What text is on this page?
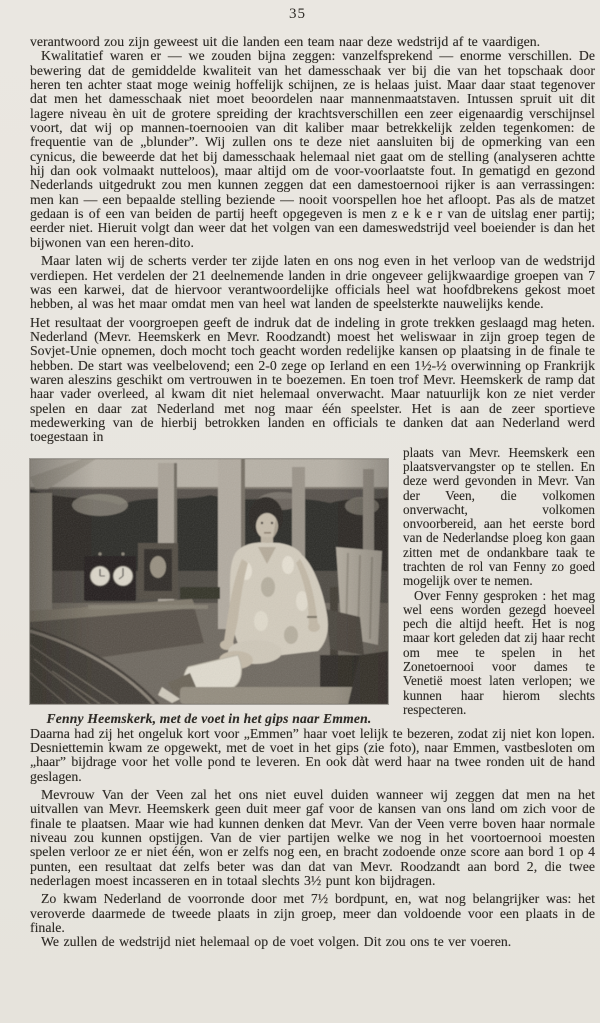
35

verantwoord zou zijn geweest uit die landen een team naar deze wedstrijd af te vaardigen.

Kwalitatief waren er — we zouden bijna zeggen: vanzelfsprekend — enorme verschillen. De bewering dat de gemiddelde kwaliteit van het damesschaak ver bij die van het topschaak door heren ten achter staat moge weinig hoffelijk schijnen, ze is helaas juist. Maar daar staat tegenover dat men het damesschaak niet moet beoordelen naar mannenmaatstaven. Intussen spruit uit dit lagere niveau èn uit de grotere spreiding der krachtsverschillen een zeer eigenaardig verschijnsel voort, dat wij op mannen-toernooien van dit kaliber maar betrekkelijk zelden tegenkomen: de frequentie van de „blunder”. Wij zullen ons te deze niet aansluiten bij de opmerking van een cynicus, die beweerde dat het bij damesschaak helemaal niet gaat om de stelling (analyseren achtte hij dan ook volmaakt nutteloos), maar altijd om de voor-voorlaatste fout. In gematigd en gezond Nederlands uitgedrukt zou men kunnen zeggen dat een damestoernooi rijker is aan verrassingen: men kan — een bepaalde stelling beziende — nooit voorspellen hoe het afloopt. Pas als de matzet gedaan is of een van beiden de partij heeft opgegeven is men z e k e r van de uitslag ener partij; eerder niet. Hieruit volgt dan weer dat het volgen van een dameswedstrijd veel boeiender is dan het bijwonen van een heren-dito.

Maar laten wij de scherts verder ter zijde laten en ons nog even in het verloop van de wedstrijd verdiepen. Het verdelen der 21 deelnemende landen in drie ongeveer gelijkwaardige groepen van 7 was een karwei, dat de hiervoor verantwoordelijke officials heel wat hoofdbrekens gekost moet hebben, al was het maar omdat men van heel wat landen de speelsterkte nauwelijks kende.

Het resultaat der voorgroepen geeft de indruk dat de indeling in grote trekken geslaagd mag heten. Nederland (Mevr. Heemskerk en Mevr. Roodzandt) moest het weliswaar in zijn groep tegen de Sovjet-Unie opnemen, doch mocht toch geacht worden redelijke kansen op plaatsing in de finale te hebben. De start was veelbelovend; een 2-0 zege op Ierland en een 1½-½ overwinning op Frankrijk waren aleszins geschikt om vertrouwen in te boezemen. En toen trof Mevr. Heemskerk de ramp dat haar vader overleed, al kwam dit niet helemaal onverwacht. Maar natuurlijk kon ze niet verder spelen en daar zat Nederland met nog maar één speelster. Het is aan de zeer sportieve medewerking van de hierbij betrokken landen en officials te danken dat aan Nederland werd toegestaan in

Fenny Heemskerk, met de voet in het gips naar Emmen.

plaats van Mevr. Heemskerk een plaatsvervangster op te stellen. En deze werd gevonden in Mevr. Van der Veen, die volkomen onverwacht, volkomen onvoorbereid, aan het eerste bord van de Nederlandse ploeg kon gaan zitten met de ondankbare taak te trachten de rol van Fenny zo goed mogelijk over te nemen.

Over Fenny gesproken : het mag wel eens worden gezegd hoeveel pech die altijd heeft. Het is nog maar kort geleden dat zij haar recht om mee te spelen in het Zonetoernooi voor dames te Venetië moest laten verlopen; we kunnen haar hierom slechts respecteren.

Daarna had zij het ongeluk kort voor „Emmen” haar voet lelijk te bezeren, zodat zij niet kon lopen. Desniettemin kwam ze opgewekt, met de voet in het gips (zie foto), naar Emmen, vastbesloten om „haar” bijdrage voor het volle pond te leveren. En ook dàt werd haar na twee ronden uit de hand geslagen.

Mevrouw Van der Veen zal het ons niet euvel duiden wanneer wij zeggen dat men na het uitvallen van Mevr. Heemskerk geen duit meer gaf voor de kansen van ons land om zich voor de finale te plaatsen. Maar wie had kunnen denken dat Mevr. Van der Veen verre boven haar normale niveau zou kunnen opstijgen. Van de vier partijen welke we nog in het voortoernooi moesten spelen verloor ze er niet één, won er zelfs nog een, en bracht zodoende onze score aan bord 1 op 4 punten, een resultaat dat zelfs beter was dan dat van Mevr. Roodzandt aan bord 2, die twee nederlagen moest incasseren en in totaal slechts 3½ punt kon bijdragen.

Zo kwam Nederland de voorronde door met 7½ bordpunt, en, wat nog belangrijker was: het veroverde daarmede de tweede plaats in zijn groep, meer dan voldoende voor een plaats in de finale.

We zullen de wedstrijd niet helemaal op de voet volgen. Dit zou ons te ver voeren.
